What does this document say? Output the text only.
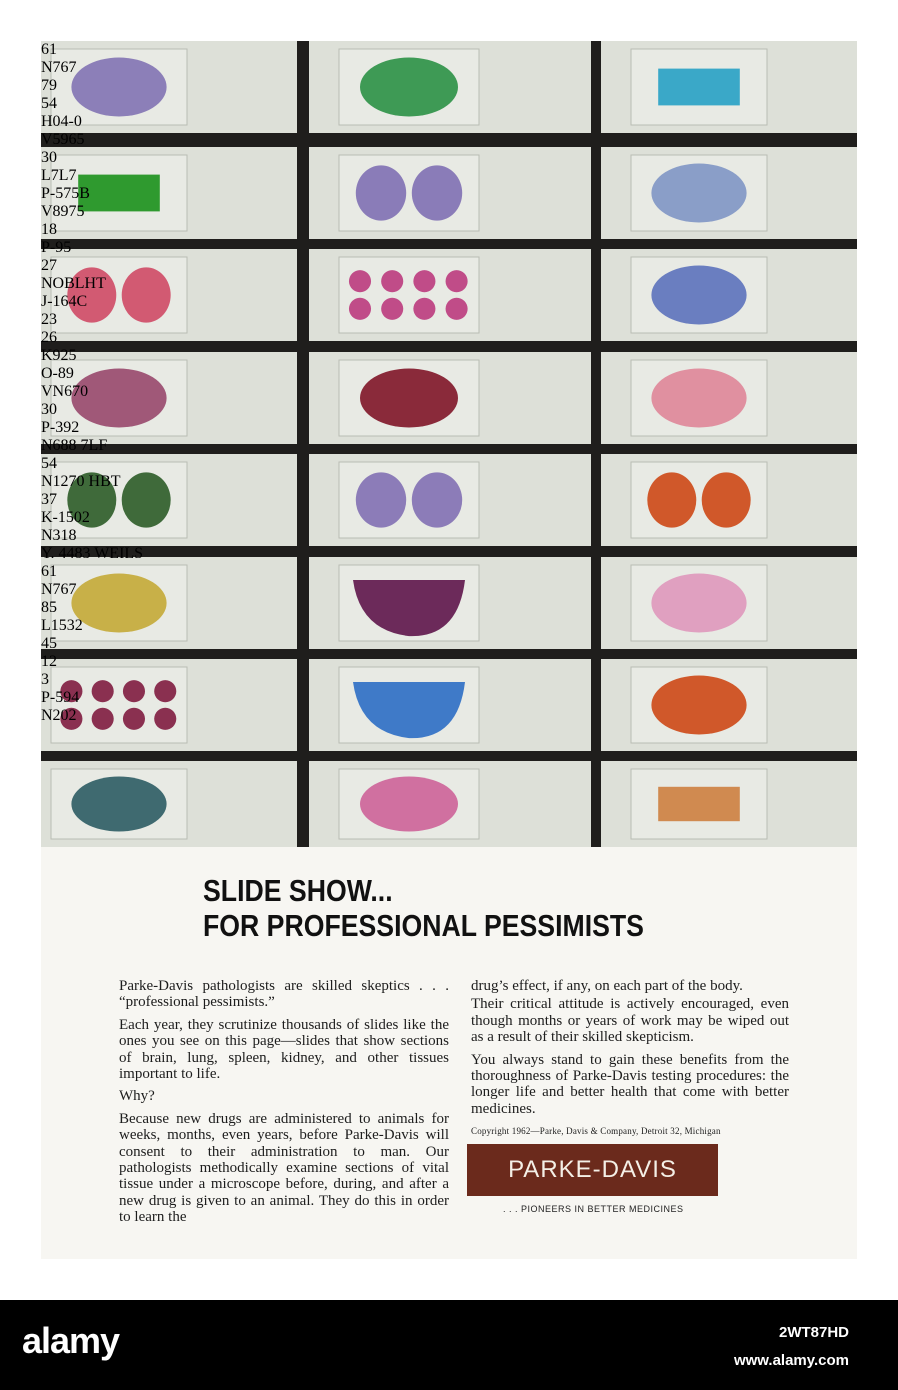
61
N767
79
54
H04-0
V5965
30
L7L7
P-575B
V8975
18
P-95
27
NOBLHT
J-164C
23
26
K925
O-89
VN670
30
P-392
N688 7LF
54
N1270 HBT
37
K-1502
N318
Y. 4483 WEILS
61
N767
85
L1532
45
12
3
P-594
N202
SLIDE SHOW...
FOR PROFESSIONAL PESSIMISTS

Parke-Davis pathologists are skilled skeptics . . . “professional pessimists.”

Each year, they scrutinize thousands of slides like the ones you see on this page—slides that show sections of brain, lung, spleen, kidney, and other tissues important to life.

Why?

Because new drugs are administered to animals for weeks, months, even years, before Parke-Davis will consent to their administration to man. Our pathologists methodically examine sections of vital tissue under a microscope before, during, and after a new drug is given to an animal. They do this in order to learn the

drug’s effect, if any, on each part of the body.

Their critical attitude is actively encouraged, even though months or years of work may be wiped out as a result of their skilled skepticism.

You always stand to gain these benefits from the thoroughness of Parke-Davis testing procedures: the longer life and better health that come with better medicines.

Copyright 1962—Parke, Davis & Company, Detroit 32, Michigan

PARKE-DAVIS
. . . PIONEERS IN BETTER MEDICINES
alamy	2WT87HD
www.alamy.com
